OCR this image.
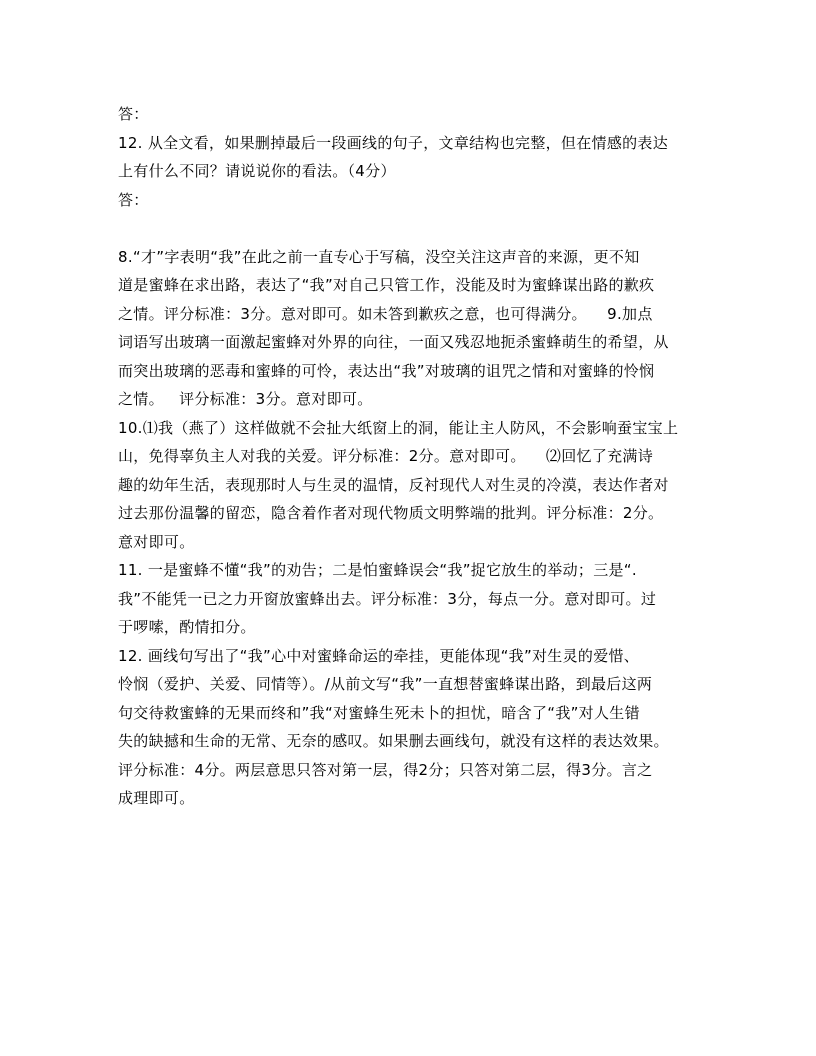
答：
12. 从全文看，如果删掉最后一段画线的句子，文章结构也完整，但在情感的表达
上有什么不同？请说说你的看法。（4分）
答：
8.“才”字表明“我”在此之前一直专心于写稿，没空关注这声音的来源，更不知
道是蜜蜂在求出路，表达了“我”对自己只管工作，没能及时为蜜蜂谋出路的歉疚
之情。评分标准：3分。意对即可。如未答到歉疚之意，也可得满分。    9.加点
词语写出玻璃一面激起蜜蜂对外界的向往，一面又残忍地扼杀蜜蜂萌生的希望，从
而突出玻璃的恶毒和蜜蜂的可怜，表达出“我”对玻璃的诅咒之情和对蜜蜂的怜悯
之情。   评分标准：3分。意对即可。
10.⑴我（燕了）这样做就不会扯大纸窗上的洞，能让主人防风，不会影响蚕宝宝上
山，免得辜负主人对我的关爱。评分标准：2分。意对即可。    ⑵回忆了充满诗
趣的幼年生活，表现那时人与生灵的温情，反衬现代人对生灵的冷漠，表达作者对
过去那份温馨的留恋，隐含着作者对现代物质文明弊端的批判。评分标准：2分。
意对即可。
11. 一是蜜蜂不懂“我”的劝告；二是怕蜜蜂误会“我”捉它放生的举动；三是“.
我”不能凭一已之力开窗放蜜蜂出去。评分标准：3分，每点一分。意对即可。过
于啰嗦，酌情扣分。
12. 画线句写出了“我”心中对蜜蜂命运的牵挂，更能体现“我”对生灵的爱惜、
怜悯（爱护、关爱、同情等）。/从前文写“我”一直想替蜜蜂谋出路，到最后这两
句交待救蜜蜂的无果而终和”我“对蜜蜂生死未卜的担忧，暗含了“我”对人生错
失的缺撼和生命的无常、无奈的感叹。如果删去画线句，就没有这样的表达效果。
评分标准：4分。两层意思只答对第一层，得2分；只答对第二层，得3分。言之
成理即可。
